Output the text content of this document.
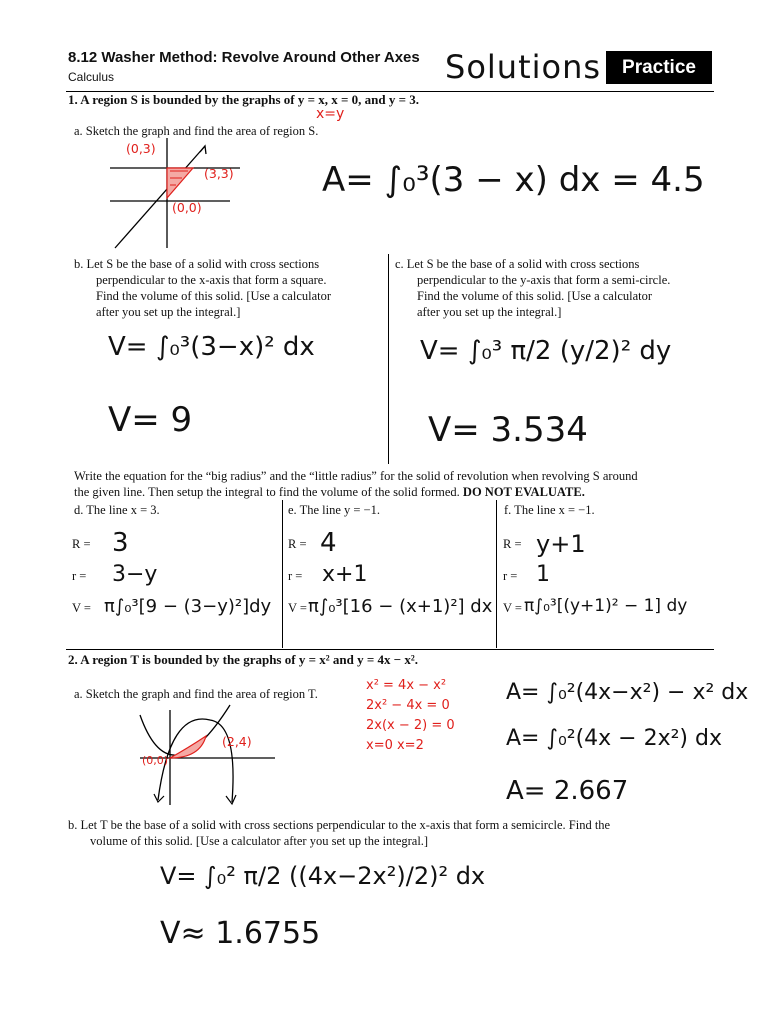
8.12 Washer Method: Revolve Around Other Axes
Calculus	Solutions	Practice
1. A region S is bounded by the graphs of y = x, x = 0, and y = 3.
x=y
a. Sketch the graph and find the area of region S.
(0,3)
(3,3)
(0,0)
A= ∫₀³(3 − x) dx = 4.5
b. Let S be the base of a solid with cross sections
perpendicular to the x-axis that form a square.
Find the volume of this solid. [Use a calculator
after you set up the integral.]
c. Let S be the base of a solid with cross sections
perpendicular to the y-axis that form a semi-circle.
Find the volume of this solid. [Use a calculator
after you set up the integral.]
V= ∫₀³(3−x)² dx
V= 9
V= ∫₀³ π/2 (y/2)² dy
V= 3.534
Write the equation for the “big radius” and the “little radius” for the solid of revolution when revolving S around
the given line. Then setup the integral to find the volume of the solid formed. DO NOT EVALUATE.
d. The line x = 3.
R =
r =
V =
3
3−y
π∫₀³[9 − (3−y)²]dy
e. The line y = −1.
R =
r =
V =
4
x+1
π∫₀³[16 − (x+1)²] dx
f. The line x = −1.
R =
r =
V =
y+1
1
π∫₀³[(y+1)² − 1] dy
2. A region T is bounded by the graphs of y = x² and y = 4x − x².
a. Sketch the graph and find the area of region T.
(2,4)
(0,0)
x² = 4x − x²
2x² − 4x = 0
2x(x − 2) = 0
x=0 x=2
A= ∫₀²(4x−x²) − x² dx
A= ∫₀²(4x − 2x²) dx
A= 2.667
b. Let T be the base of a solid with cross sections perpendicular to the x-axis that form a semicircle. Find the
volume of this solid. [Use a calculator after you set up the integral.]
V= ∫₀² π/2 ((4x−2x²)/2)² dx
V≈ 1.6755
